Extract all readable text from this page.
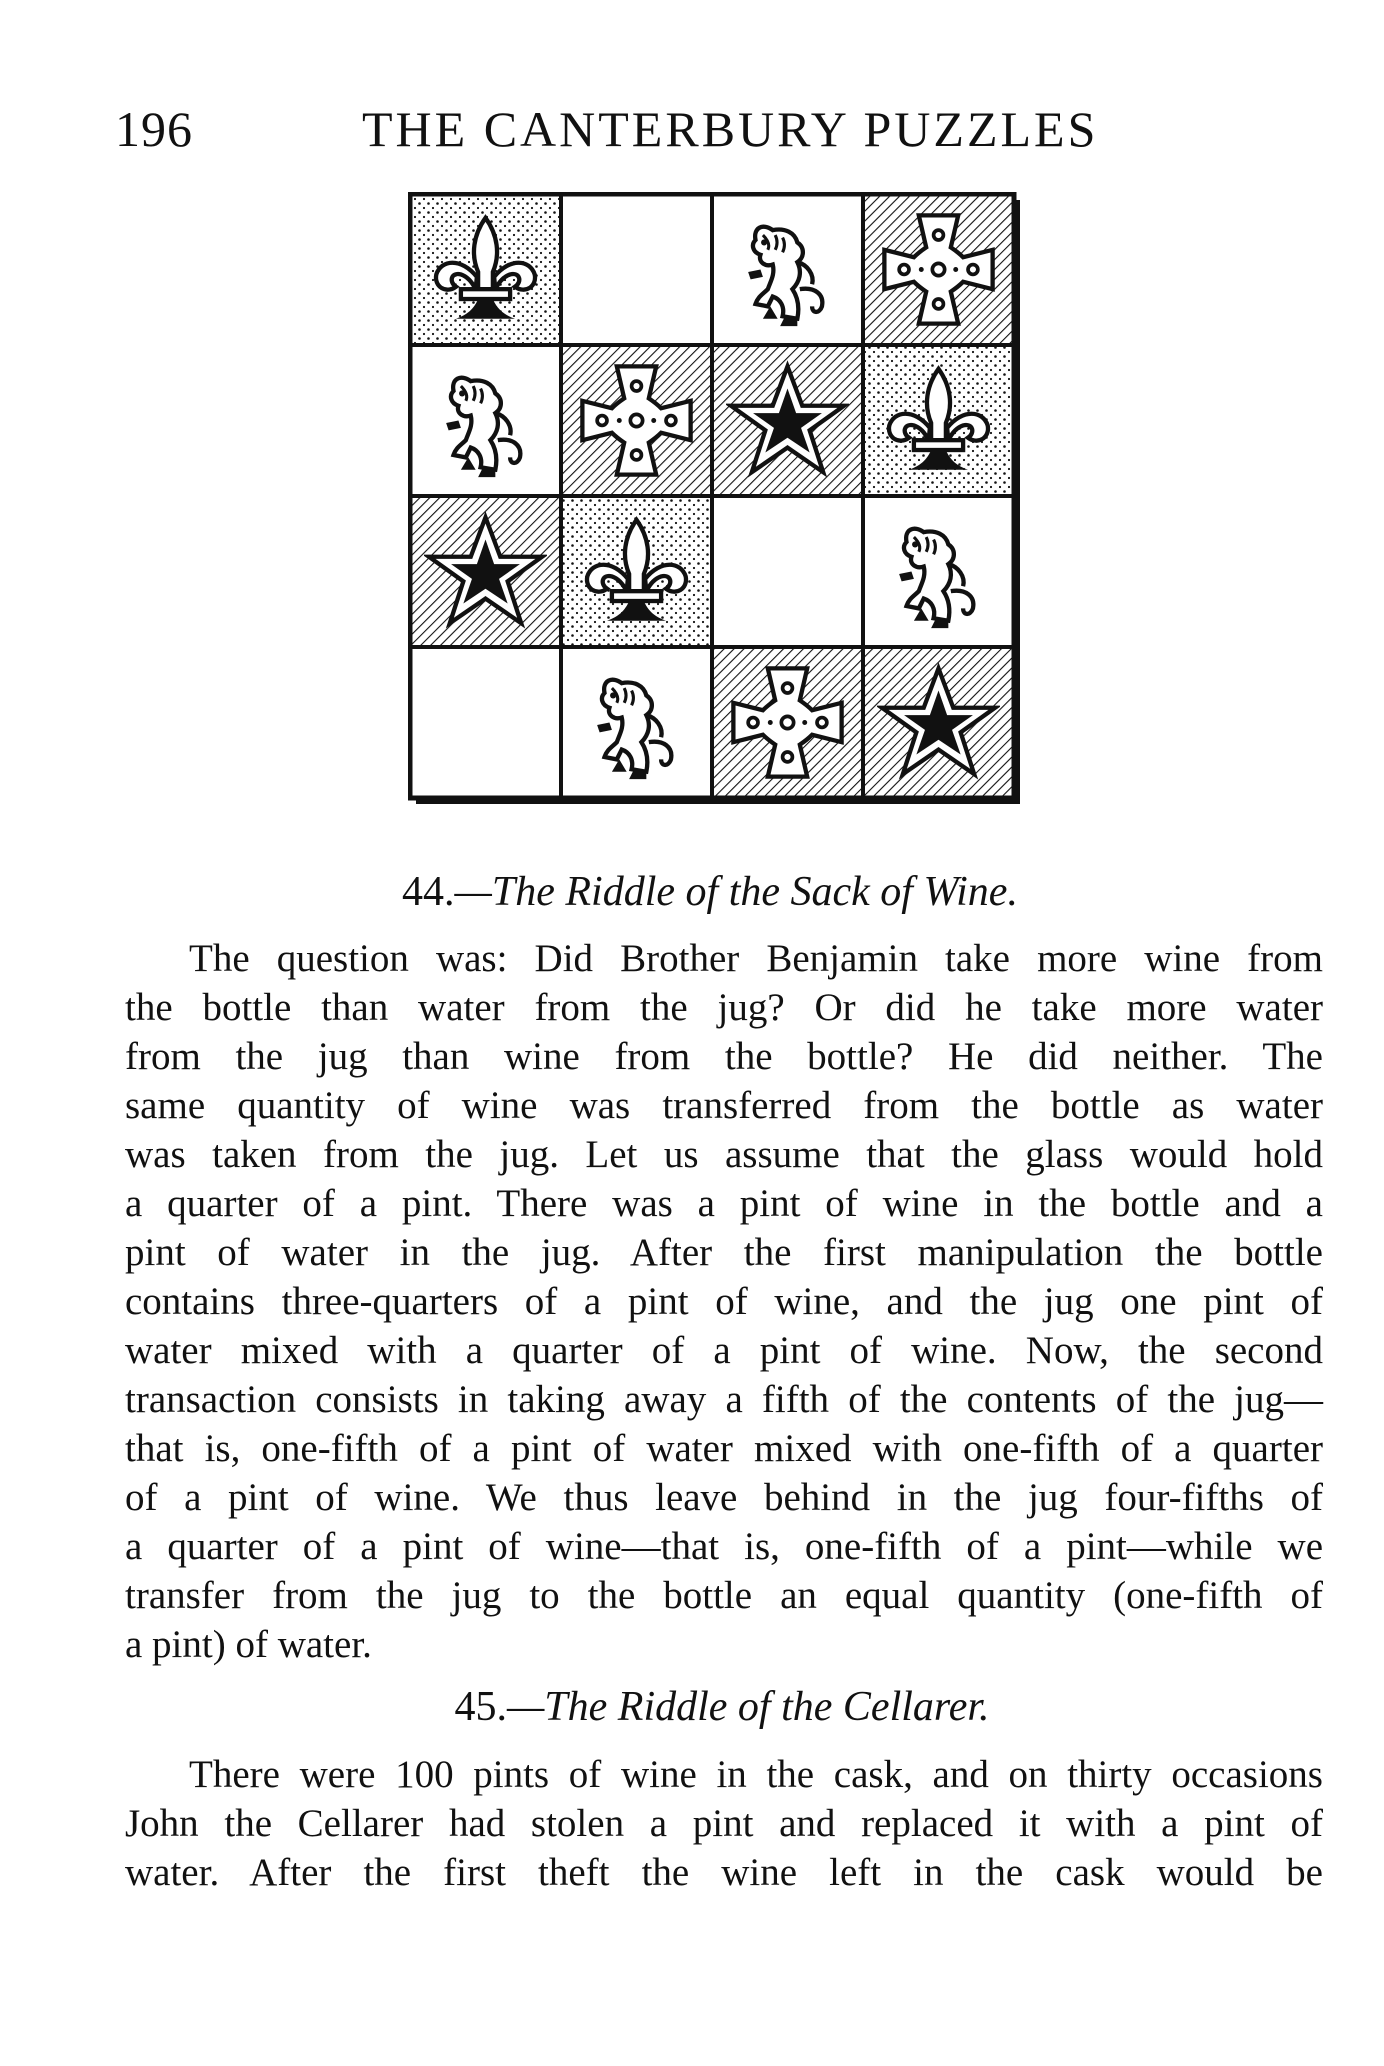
196	THE CANTERBURY PUZZLES
44.—The Riddle of the Sack of Wine.
The question was: Did Brother Benjamin take more wine from
the bottle than water from the jug? Or did he take more water
from the jug than wine from the bottle? He did neither. The
same quantity of wine was transferred from the bottle as water
was taken from the jug. Let us assume that the glass would hold
a quarter of a pint. There was a pint of wine in the bottle and a
pint of water in the jug. After the first manipulation the bottle
contains three-quarters of a pint of wine, and the jug one pint of
water mixed with a quarter of a pint of wine. Now, the second
transaction consists in taking away a fifth of the contents of the jug—
that is, one-fifth of a pint of water mixed with one-fifth of a quarter
of a pint of wine. We thus leave behind in the jug four-fifths of
a quarter of a pint of wine—that is, one-fifth of a pint—while we
transfer from the jug to the bottle an equal quantity (one-fifth of
a pint) of water.
45.—The Riddle of the Cellarer.
There were 100 pints of wine in the cask, and on thirty occasions
John the Cellarer had stolen a pint and replaced it with a pint of
water. After the first theft the wine left in the cask would be
